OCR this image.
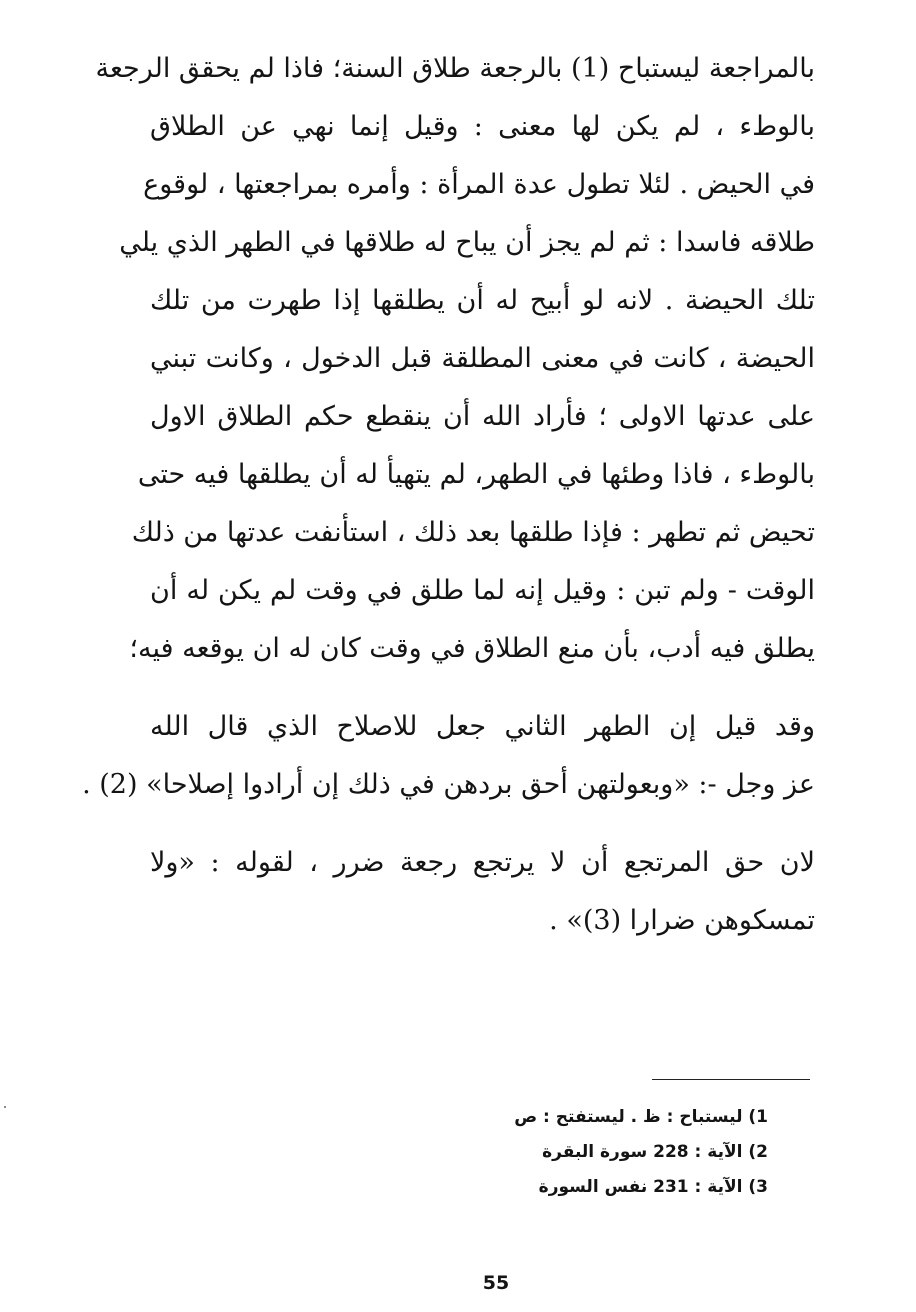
بالمراجعة ليستباح (1) بالرجعة طلاق السنة؛ فاذا لم يحقق الرجعة
بالوطء ، لم يكن لها معنى : وقيل إنما نهي عن الطلاق
في الحيض . لئلا تطول عدة المرأة : وأمره بمراجعتها ، لوقوع
طلاقه فاسدا : ثم لم يجز أن يباح له طلاقها في الطهر الذي يلي
تلك الحيضة . لانه لو أبيح له أن يطلقها إذا طهرت من تلك
الحيضة ، كانت في معنى المطلقة قبل الدخول ، وكانت تبني
على عدتها الاولى ؛ فأراد الله أن ينقطع حكم الطلاق الاول
بالوطء ، فاذا وطئها في الطهر، لم يتهيأ له أن يطلقها فيه حتى
تحيض ثم تطهر : فإذا طلقها بعد ذلك ، استأنفت عدتها من ذلك
الوقت - ولم تبن : وقيل إنه لما طلق في وقت لم يكن له أن
يطلق فيه أدب، بأن منع الطلاق في وقت كان له ان يوقعه فيه؛
وقد قيل إن الطهر الثاني جعل للاصلاح الذي قال الله
عز وجل -: «وبعولتهن أحق بردهن في ذلك إن أرادوا إصلاحا» (2) .
لان حق المرتجع أن لا يرتجع رجعة ضرر ، لقوله : «ولا
تمسكوهن ضرارا (3)» .
1) ليستباح : ظ . ليستفتح : ص
2) الآية : 228 سورة البقرة
3) الآية : 231 نفس السورة
55
